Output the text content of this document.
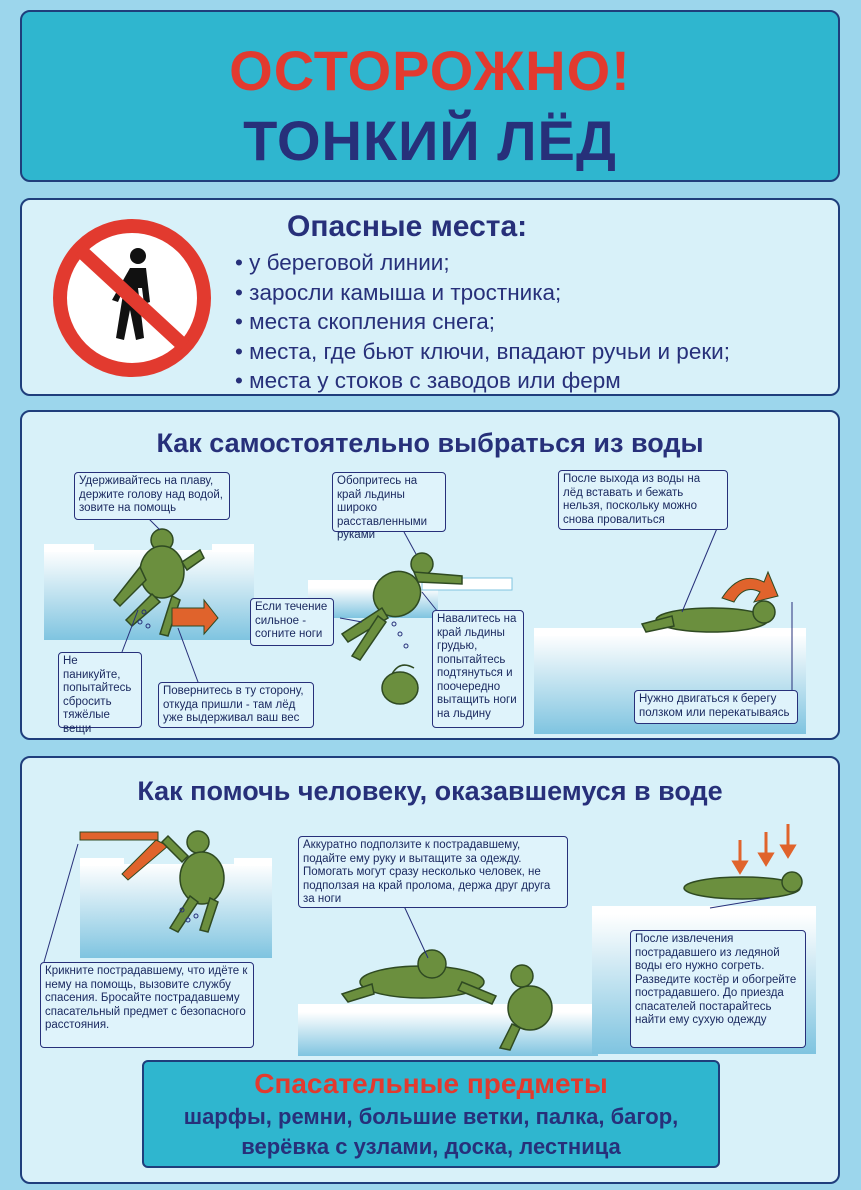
ОСТОРОЖНО!
ТОНКИЙ ЛЁД
Опасные места:
• у береговой линии;
• заросли камыша и тростника;
• места скопления снега;
• места, где бьют ключи, впадают ручьи и реки;
• места у стоков с заводов или ферм
Как самостоятельно выбраться из воды
Удерживайтесь на плаву, держите голову над водой, зовите на помощь
Не паникуйте, попытайтесь сбросить тяжёлые вещи
Повернитесь в ту сторону, откуда пришли - там лёд уже выдерживал ваш вес
Обопритесь на край льдины широко расставленными руками
Если течение сильное - согните ноги
Навалитесь на край льдины грудью, попытайтесь подтянуться и поочередно вытащить ноги на льдину
После выхода из воды на лёд вставать и бежать нельзя, поскольку можно снова провалиться
Нужно двигаться к берегу ползком или перекатываясь
Как помочь человеку, оказавшемуся в воде
Крикните пострадавшему, что идёте к нему на помощь, вызовите службу спасения. Бросайте пострадавшему спасательный предмет с безопасного расстояния.
Аккуратно подползите к пострадавшему, подайте ему руку и вытащите за одежду. Помогать могут сразу несколько человек, не подползая на край пролома, держа друг друга за ноги
После извлечения пострадавшего из ледяной воды его нужно согреть. Разведите костёр и обогрейте пострадавшего. До приезда спасателей постарайтесь найти ему сухую одежду
Спасательные предметы
шарфы, ремни, большие ветки, палка, багор,
верёвка с узлами, доска, лестница
